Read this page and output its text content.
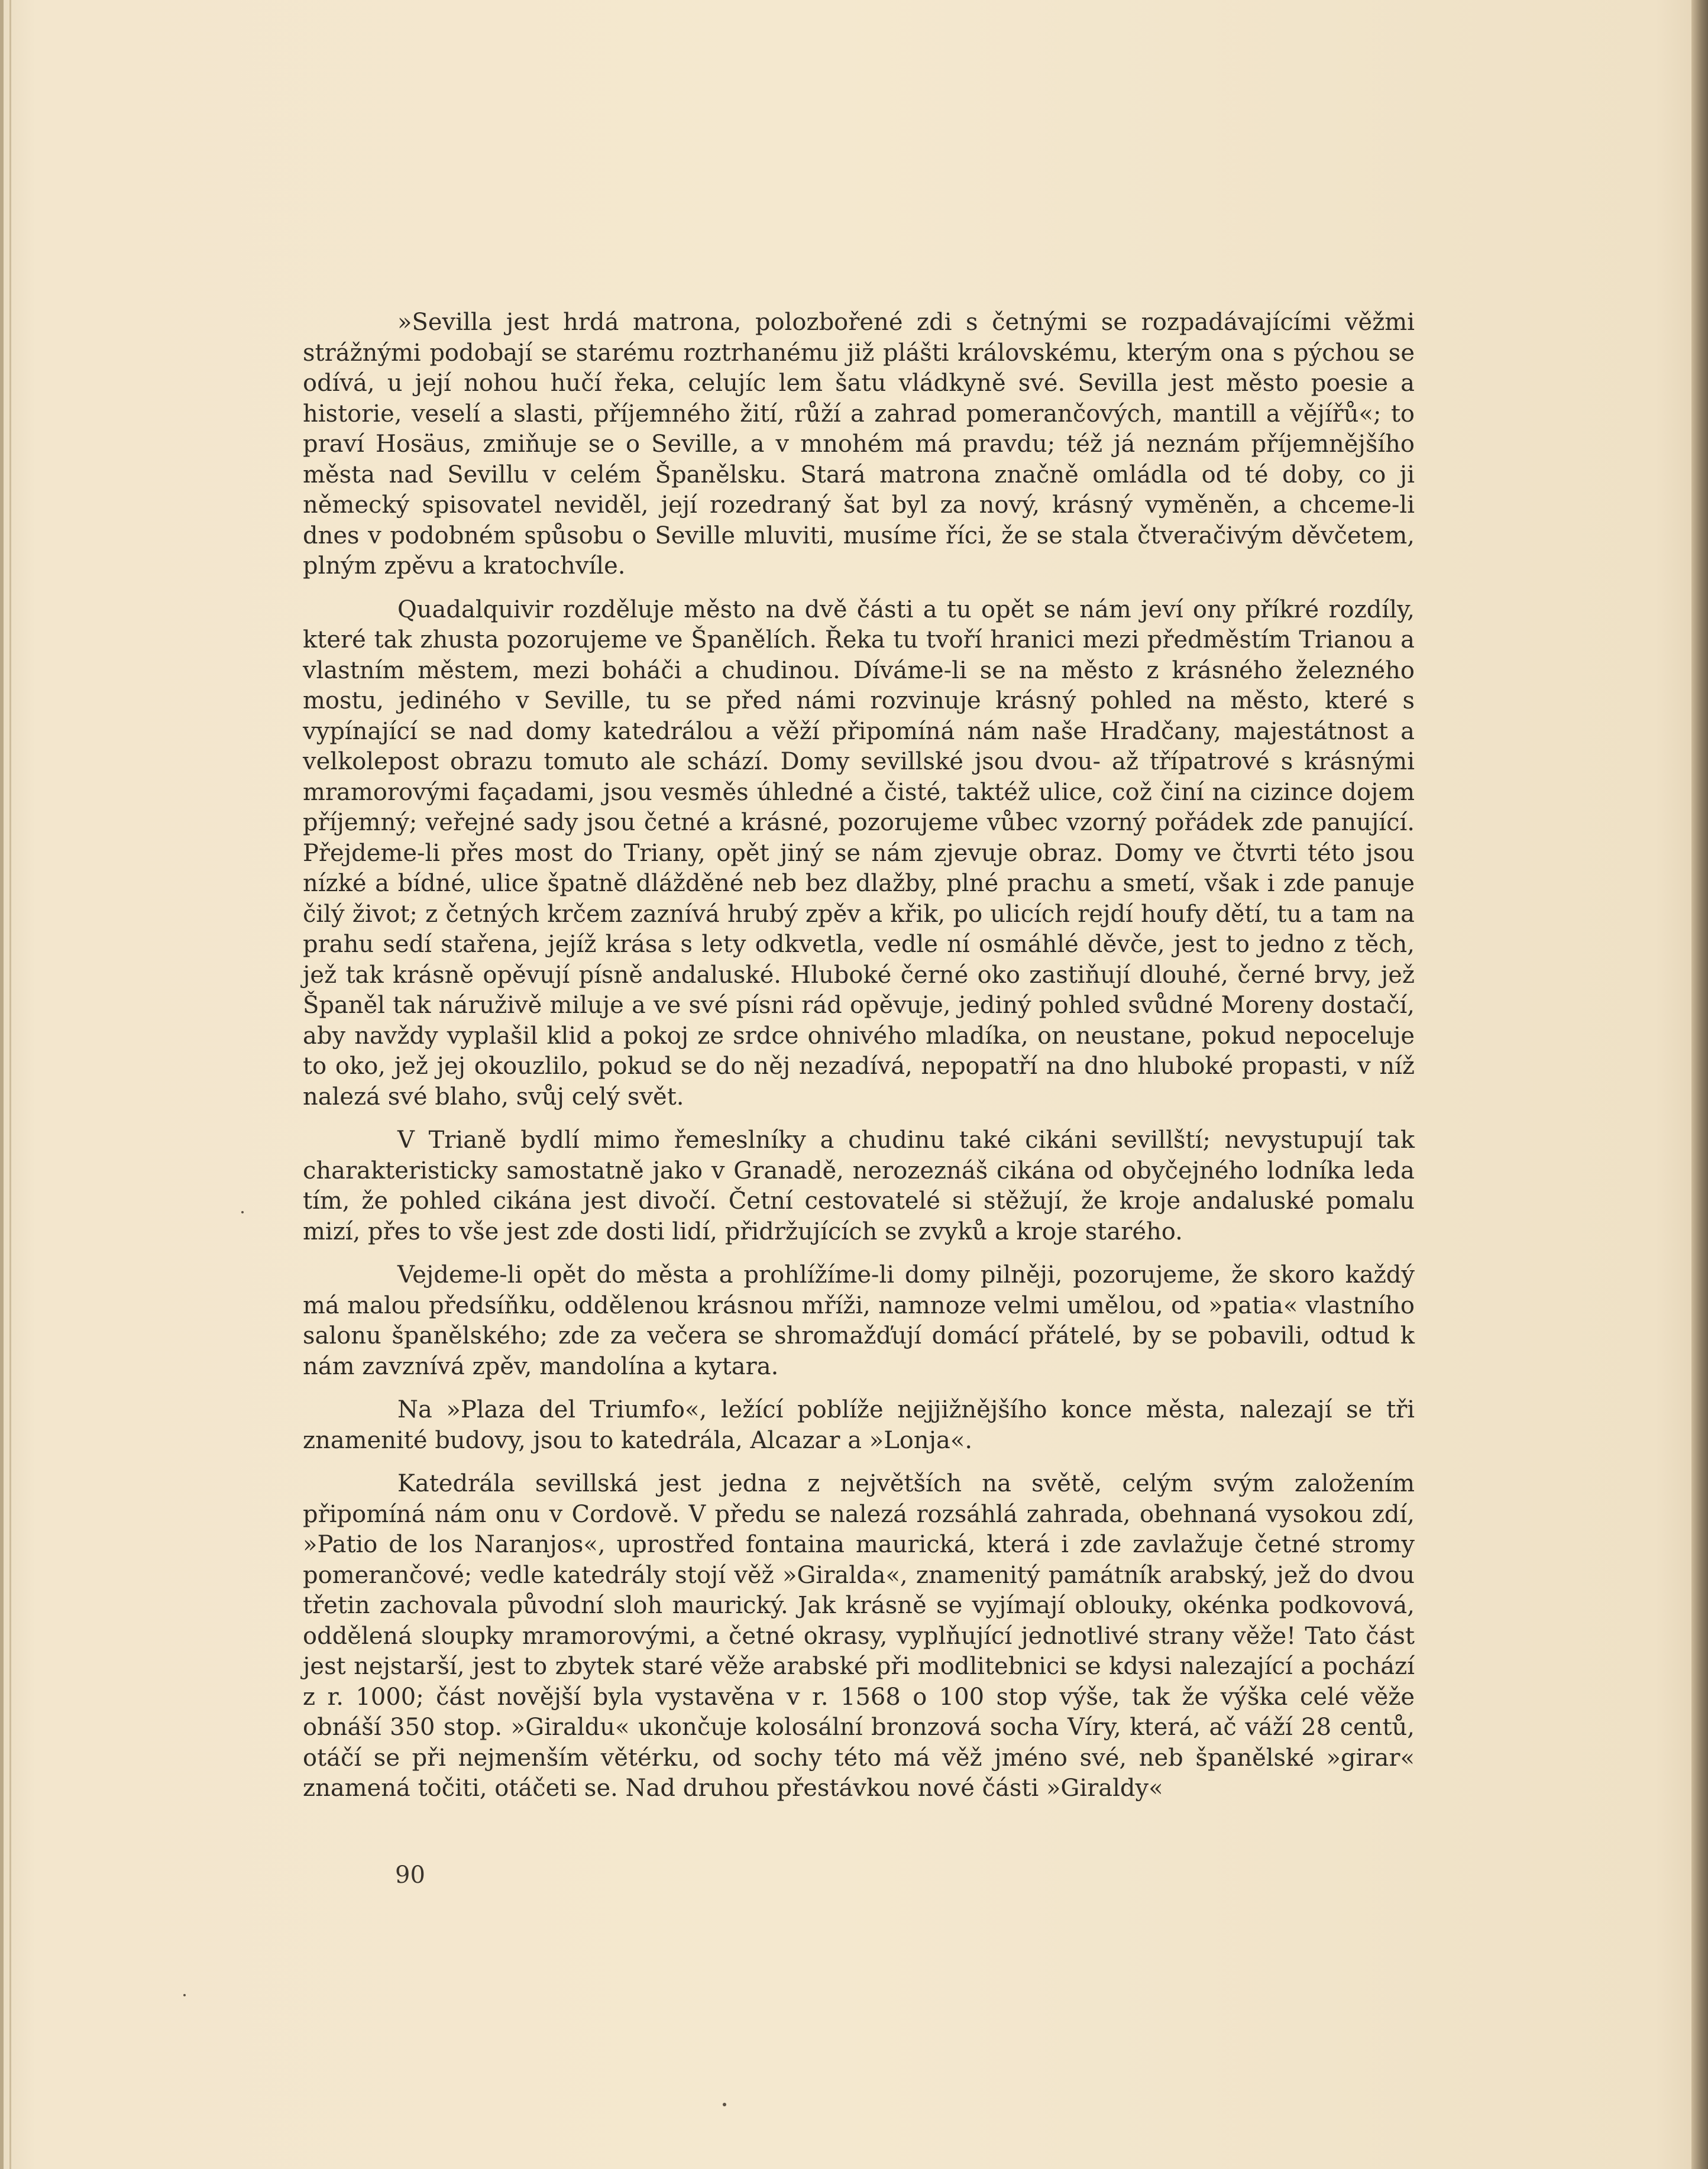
»Sevilla jest hrdá matrona, polozbořené zdi s četnými se rozpadávajícími věžmi strážnými podobají se starému roztrhanému již plášti královskému, kterým ona s pýchou se odívá, u její nohou hučí řeka, celujíc lem šatu vládkyně své. Sevilla jest město poesie a historie, veselí a slasti, příjemného žití, růží a zahrad pomerančových, mantill a vějířů«; to praví Hosäus, zmiňuje se o Seville, a v mnohém má pravdu; též já neznám příjemnějšího města nad Sevillu v celém Španělsku. Stará matrona značně omládla od té doby, co ji německý spisovatel neviděl, její rozedraný šat byl za nový, krásný vyměněn, a chceme-li dnes v podobném spůsobu o Seville mluviti, musíme říci, že se stala čtveračivým děvčetem, plným zpěvu a kratochvíle.

Quadalquivir rozděluje město na dvě části a tu opět se nám jeví ony příkré rozdíly, které tak zhusta pozorujeme ve Španělích. Řeka tu tvoří hranici mezi předměstím Trianou a vlastním městem, mezi boháči a chudinou. Díváme-li se na město z krásného železného mostu, jediného v Seville, tu se před námi rozvinuje krásný pohled na město, které s vypínající se nad domy katedrálou a věží připomíná nám naše Hradčany, majestátnost a velkolepost obrazu tomuto ale schází. Domy sevillské jsou dvou- až třípatrové s krásnými mramorovými façadami, jsou vesměs úhledné a čisté, taktéž ulice, což činí na cizince dojem příjemný; veřejné sady jsou četné a krásné, pozorujeme vůbec vzorný pořádek zde panující. Přejdeme-li přes most do Triany, opět jiný se nám zjevuje obraz. Domy ve čtvrti této jsou nízké a bídné, ulice špatně dlážděné neb bez dlažby, plné prachu a smetí, však i zde panuje čilý život; z četných krčem zaznívá hrubý zpěv a křik, po ulicích rejdí houfy dětí, tu a tam na prahu sedí stařena, jejíž krása s lety odkvetla, vedle ní osmáhlé děvče, jest to jedno z těch, jež tak krásně opěvují písně andaluské. Hluboké černé oko zastiňují dlouhé, černé brvy, jež Španěl tak náruživě miluje a ve své písni rád opěvuje, jediný pohled svůdné Moreny dostačí, aby navždy vyplašil klid a pokoj ze srdce ohnivého mladíka, on neustane, pokud nepoceluje to oko, jež jej okouzlilo, pokud se do něj nezadívá, nepopatří na dno hluboké propasti, v níž nalezá své blaho, svůj celý svět.

V Trianě bydlí mimo řemeslníky a chudinu také cikáni sevillští; nevystupují tak charakteristicky samostatně jako v Granadě, nerozeznáš cikána od obyčejného lodníka leda tím, že pohled cikána jest divočí. Četní cestovatelé si stěžují, že kroje andaluské pomalu mizí, přes to vše jest zde dosti lidí, přidržujících se zvyků a kroje starého.

Vejdeme-li opět do města a prohlížíme-li domy pilněji, pozorujeme, že skoro každý má malou předsíňku, oddělenou krásnou mříži, namnoze velmi umělou, od »patia« vlastního salonu španělského; zde za večera se shromažďují domácí přátelé, by se pobavili, odtud k nám zavznívá zpěv, mandolína a kytara.

Na »Plaza del Triumfo«, ležící poblíže nejjižnějšího konce města, nalezají se tři znamenité budovy, jsou to katedrála, Alcazar a »Lonja«.

Katedrála sevillská jest jedna z největších na světě, celým svým založením připomíná nám onu v Cordově. V předu se nalezá rozsáhlá zahrada, obehnaná vysokou zdí, »Patio de los Naranjos«, uprostřed fontaina maurická, která i zde zavlažuje četné stromy pomerančové; vedle katedrály stojí věž »Giralda«, znamenitý památník arabský, jež do dvou třetin zachovala původní sloh maurický. Jak krásně se vyjímají oblouky, okénka podkovová, oddělená sloupky mramorovými, a četné okrasy, vyplňující jednotlivé strany věže! Tato část jest nejstarší, jest to zbytek staré věže arabské při modlitebnici se kdysi nalezající a pochází z r. 1000; část novější byla vystavěna v r. 1568 o 100 stop výše, tak že výška celé věže obnáší 350 stop. »Giraldu« ukončuje kolosální bronzová socha Víry, která, ač váží 28 centů, otáčí se při nejmenším větérku, od sochy této má věž jméno své, neb španělské »girar« znamená točiti, otáčeti se. Nad druhou přestávkou nové části »Giraldy«

90
